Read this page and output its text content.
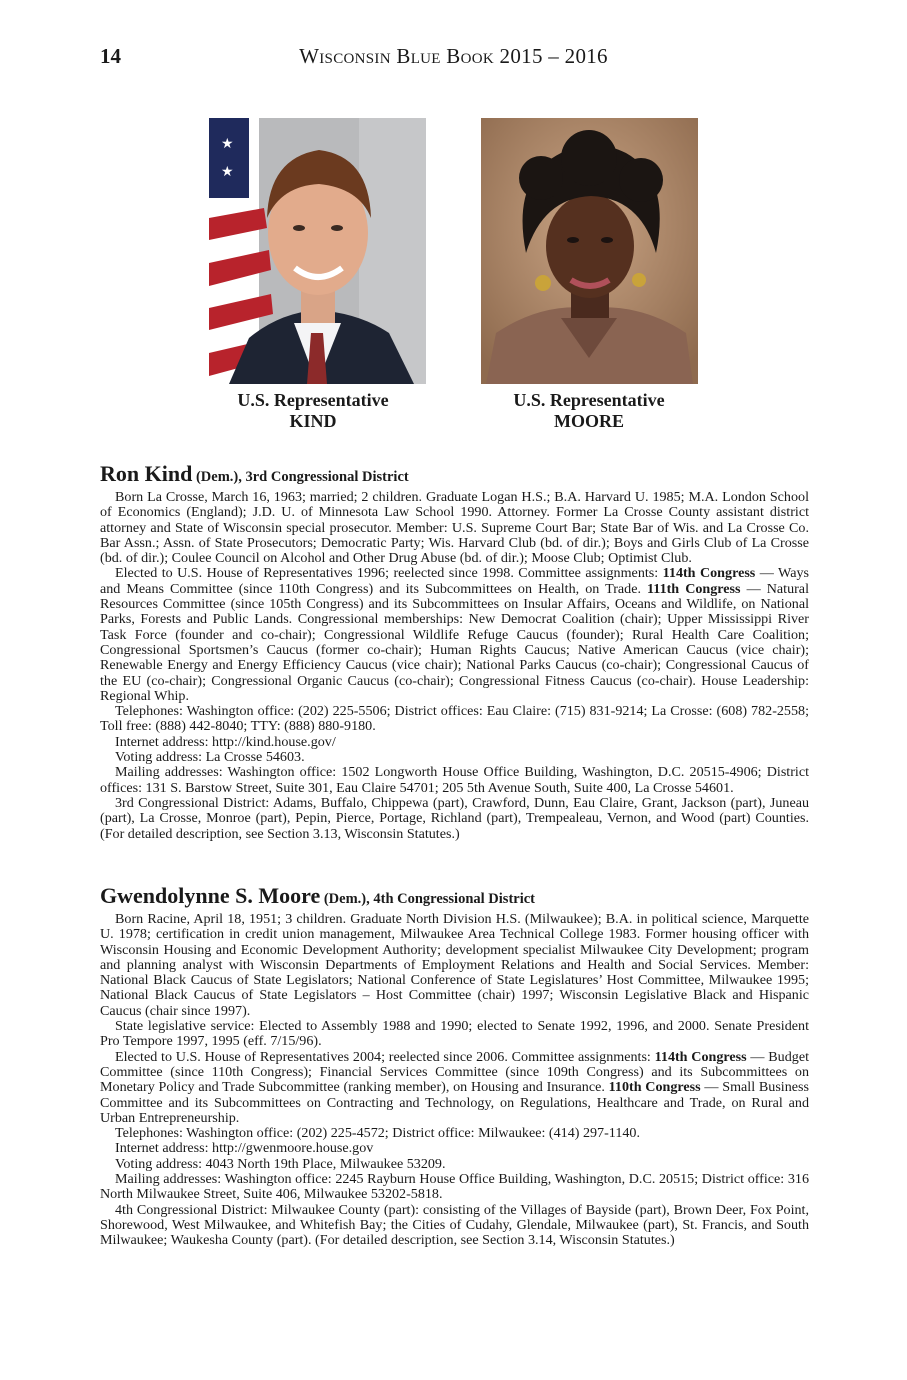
14	Wisconsin Blue Book 2015 – 2016
★
★
U.S. Representative
KIND
U.S. Representative
MOORE
Ron Kind (Dem.), 3rd Congressional District

Born La Crosse, March 16, 1963; married; 2 children. Graduate Logan H.S.; B.A. Harvard U. 1985; M.A. London School of Economics (England); J.D. U. of Minnesota Law School 1990. Attorney. Former La Crosse County assistant district attorney and State of Wisconsin special prosecutor. Member: U.S. Supreme Court Bar; State Bar of Wis. and La Crosse Co. Bar Assn.; Assn. of State Prosecutors; Democratic Party; Wis. Harvard Club (bd. of dir.); Boys and Girls Club of La Crosse (bd. of dir.); Coulee Council on Alcohol and Other Drug Abuse (bd. of dir.); Moose Club; Optimist Club.

Elected to U.S. House of Representatives 1996; reelected since 1998. Committee assignments: 114th Congress — Ways and Means Committee (since 110th Congress) and its Subcommittees on Health, on Trade. 111th Congress — Natural Resources Committee (since 105th Congress) and its Subcommittees on Insular Affairs, Oceans and Wildlife, on National Parks, Forests and Public Lands. Congressional memberships: New Democrat Coalition (chair); Upper Mississippi River Task Force (founder and co-chair); Congressional Wildlife Refuge Caucus (founder); Rural Health Care Coalition; Congressional Sportsmen’s Caucus (former co-chair); Human Rights Caucus; Native American Caucus (vice chair); Renewable Energy and Energy Efficiency Caucus (vice chair); National Parks Caucus (co-chair); Congressional Caucus of the EU (co-chair); Congressional Organic Caucus (co-chair); Congressional Fitness Caucus (co-chair). House Leadership: Regional Whip.

Telephones: Washington office: (202) 225-5506; District offices: Eau Claire: (715) 831-9214; La Crosse: (608) 782-2558; Toll free: (888) 442-8040; TTY: (888) 880-9180.

Internet address: http://kind.house.gov/

Voting address: La Crosse 54603.

Mailing addresses: Washington office: 1502 Longworth House Office Building, Washington, D.C. 20515-4906; District offices: 131 S. Barstow Street, Suite 301, Eau Claire 54701; 205 5th Avenue South, Suite 400, La Crosse 54601.

3rd Congressional District: Adams, Buffalo, Chippewa (part), Crawford, Dunn, Eau Claire, Grant, Jackson (part), Juneau (part), La Crosse, Monroe (part), Pepin, Pierce, Portage, Richland (part), Trempealeau, Vernon, and Wood (part) Counties. (For detailed description, see Section 3.13, Wisconsin Statutes.)

Gwendolynne S. Moore (Dem.), 4th Congressional District

Born Racine, April 18, 1951; 3 children. Graduate North Division H.S. (Milwaukee); B.A. in political science, Marquette U. 1978; certification in credit union management, Milwaukee Area Technical College 1983. Former housing officer with Wisconsin Housing and Economic Development Authority; development specialist Milwaukee City Development; program and planning analyst with Wisconsin Departments of Employment Relations and Health and Social Services. Member: National Black Caucus of State Legislators; National Conference of State Legislatures’ Host Committee, Milwaukee 1995; National Black Caucus of State Legislators – Host Committee (chair) 1997; Wisconsin Legislative Black and Hispanic Caucus (chair since 1997).

State legislative service: Elected to Assembly 1988 and 1990; elected to Senate 1992, 1996, and 2000. Senate President Pro Tempore 1997, 1995 (eff. 7/15/96).

Elected to U.S. House of Representatives 2004; reelected since 2006. Committee assignments: 114th Congress — Budget Committee (since 110th Congress); Financial Services Committee (since 109th Congress) and its Subcommittees on Monetary Policy and Trade Subcommittee (ranking member), on Housing and Insurance. 110th Congress — Small Business Committee and its Subcommittees on Contracting and Technology, on Regulations, Healthcare and Trade, on Rural and Urban Entrepreneurship.

Telephones: Washington office: (202) 225-4572; District office: Milwaukee: (414) 297-1140.

Internet address: http://gwenmoore.house.gov

Voting address: 4043 North 19th Place, Milwaukee 53209.

Mailing addresses: Washington office: 2245 Rayburn House Office Building, Washington, D.C. 20515; District office: 316 North Milwaukee Street, Suite 406, Milwaukee 53202-5818.

4th Congressional District: Milwaukee County (part): consisting of the Villages of Bayside (part), Brown Deer, Fox Point, Shorewood, West Milwaukee, and Whitefish Bay; the Cities of Cudahy, Glendale, Milwaukee (part), St. Francis, and South Milwaukee; Waukesha County (part). (For detailed description, see Section 3.14, Wisconsin Statutes.)
